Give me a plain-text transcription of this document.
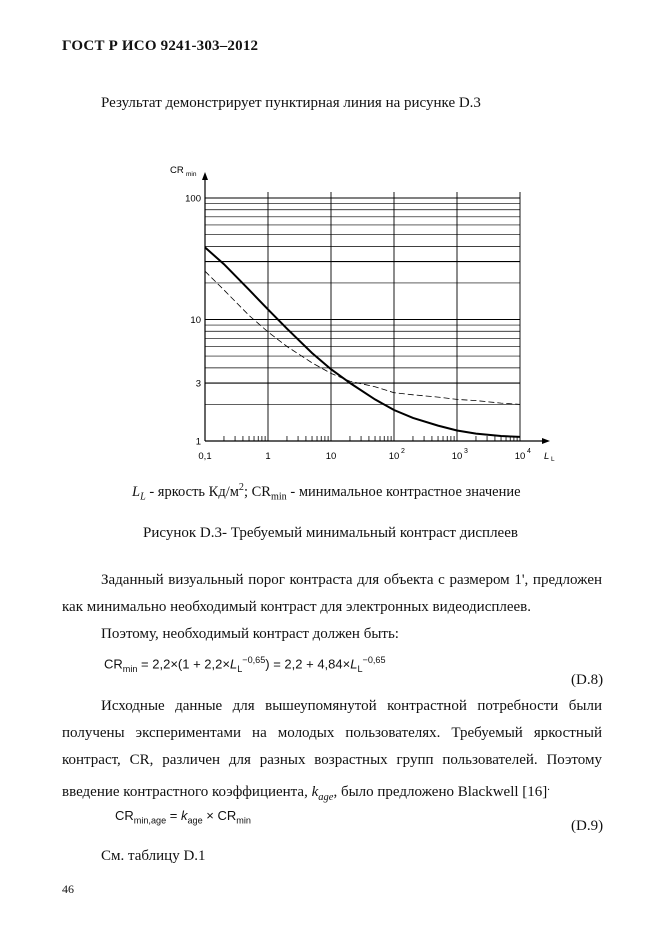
ГОСТ Р ИСО 9241-303–2012
Результат демонстрирует пунктирная линия на рисунке D.3
1
3
10
100
0,1	1	10	10 2	10 3	10 4
CR min
L L
$L_L$ - яркость $Кд/м^2$; $CR_{min}$ - минимальное контрастное значение
Рисунок D.3- Требуемый минимальный контраст дисплеев
Заданный визуальный порог контраста для объекта с размером 1', предложен как минимально необходимый контраст для электронных видеодисплеев.
Поэтому, необходимый контраст должен быть:
$CR_{min} = 2,2\times(1 + 2,2\times L_L^{-0,65}) = 2,2 + 4,84\times L_L^{-0,65}$
(D.8)
Исходные данные для вышеупомянутой контрастной потребности были получены экспериментами на молодых пользователях. Требуемый яркостный контраст, CR, различен для разных возрастных групп пользователей. Поэтому введение контрастного коэффициента, $k_{age}$, было предложено Blackwell [16].
$CR_{min,age} = k_{age} \times CR_{min}$	(D.9)
См. таблицу D.1
46
